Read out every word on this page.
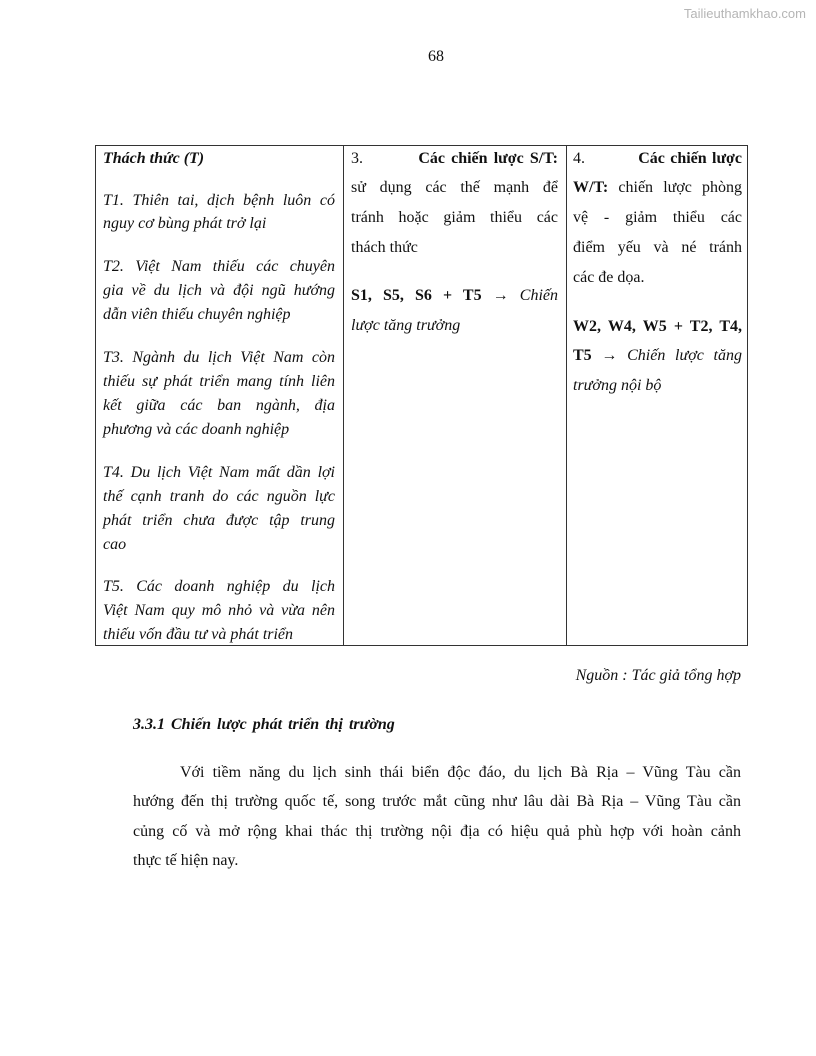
Tailieuthamkhao.com
68
Thách thức (T)
T1. Thiên tai, dịch bệnh luôn có
nguy cơ bùng phát trở lại
T2. Việt Nam thiếu các chuyên
gia về du lịch và đội ngũ hướng
dẫn viên thiếu chuyên nghiệp
T3. Ngành du lịch Việt Nam còn
thiếu sự phát triển mang tính liên
kết giữa các ban ngành, địa
phương và các doanh nghiệp
T4. Du lịch Việt Nam mất dần lợi
thế cạnh tranh do các nguồn lực
phát triển chưa được tập trung
cao
T5. Các doanh nghiệp du lịch
Việt Nam quy mô nhỏ và vừa nên
thiếu vốn đầu tư và phát triển
3.         Các chiến lược S/T:
sử dụng các thế mạnh để
tránh hoặc giảm thiểu các
thách thức
S1, S5, S6 + T5 → Chiến
lược tăng trưởng
4.          Các chiến lược
W/T: chiến lược phòng
vệ - giảm thiểu các
điểm yếu và né tránh
các đe dọa.
W2, W4, W5 + T2, T4,
T5 → Chiến lược tăng
trưởng nội bộ
Nguồn : Tác giả tổng hợp
3.3.1 Chiến lược phát triển thị trường
Với tiềm năng du lịch sinh thái biển độc đáo, du lịch Bà Rịa – Vũng Tàu cần
hướng đến thị trường quốc tế, song trước mắt cũng như lâu dài Bà Rịa – Vũng Tàu cần
củng cố và mở rộng khai thác thị trường nội địa có hiệu quả phù hợp với hoàn cảnh
thực tế hiện nay.
